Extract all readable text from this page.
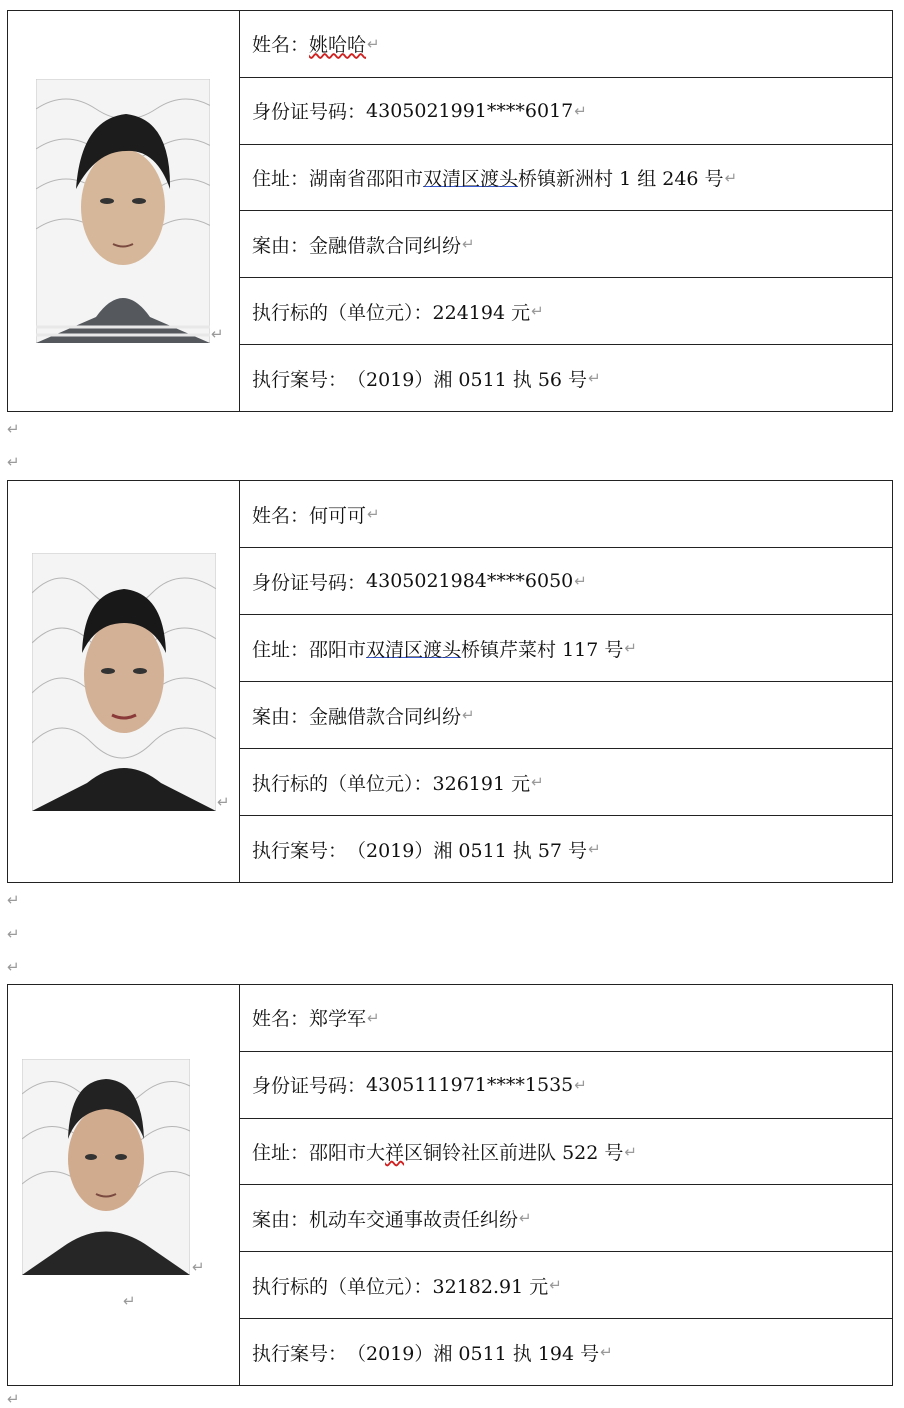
↵
姓名： 姚哈哈 ↵
身份证号码： 4305021991****6017 ↵
住址： 湖南省邵阳市 双清区渡头 桥镇新洲村 1 组 246 号 ↵
案由： 金融借款合同纠纷 ↵
执行标的（单位元）： 224194 元 ↵
执行案号： （2019）湘 0511 执 56 号 ↵
↵
↵
↵
姓名： 何可可 ↵
身份证号码： 4305021984****6050 ↵
住址： 邵阳市 双清区渡头 桥镇芹菜村 117 号 ↵
案由： 金融借款合同纠纷 ↵
执行标的（单位元）： 326191 元 ↵
执行案号： （2019）湘 0511 执 57 号 ↵
↵
↵
↵
↵
↵
姓名： 郑学军 ↵
身份证号码： 4305111971****1535 ↵
住址： 邵阳市大 祥 区铜铃社区前进队 522 号 ↵
案由： 机动车交通事故责任纠纷 ↵
执行标的（单位元）： 32182.91 元 ↵
执行案号： （2019）湘 0511 执 194 号 ↵
↵
